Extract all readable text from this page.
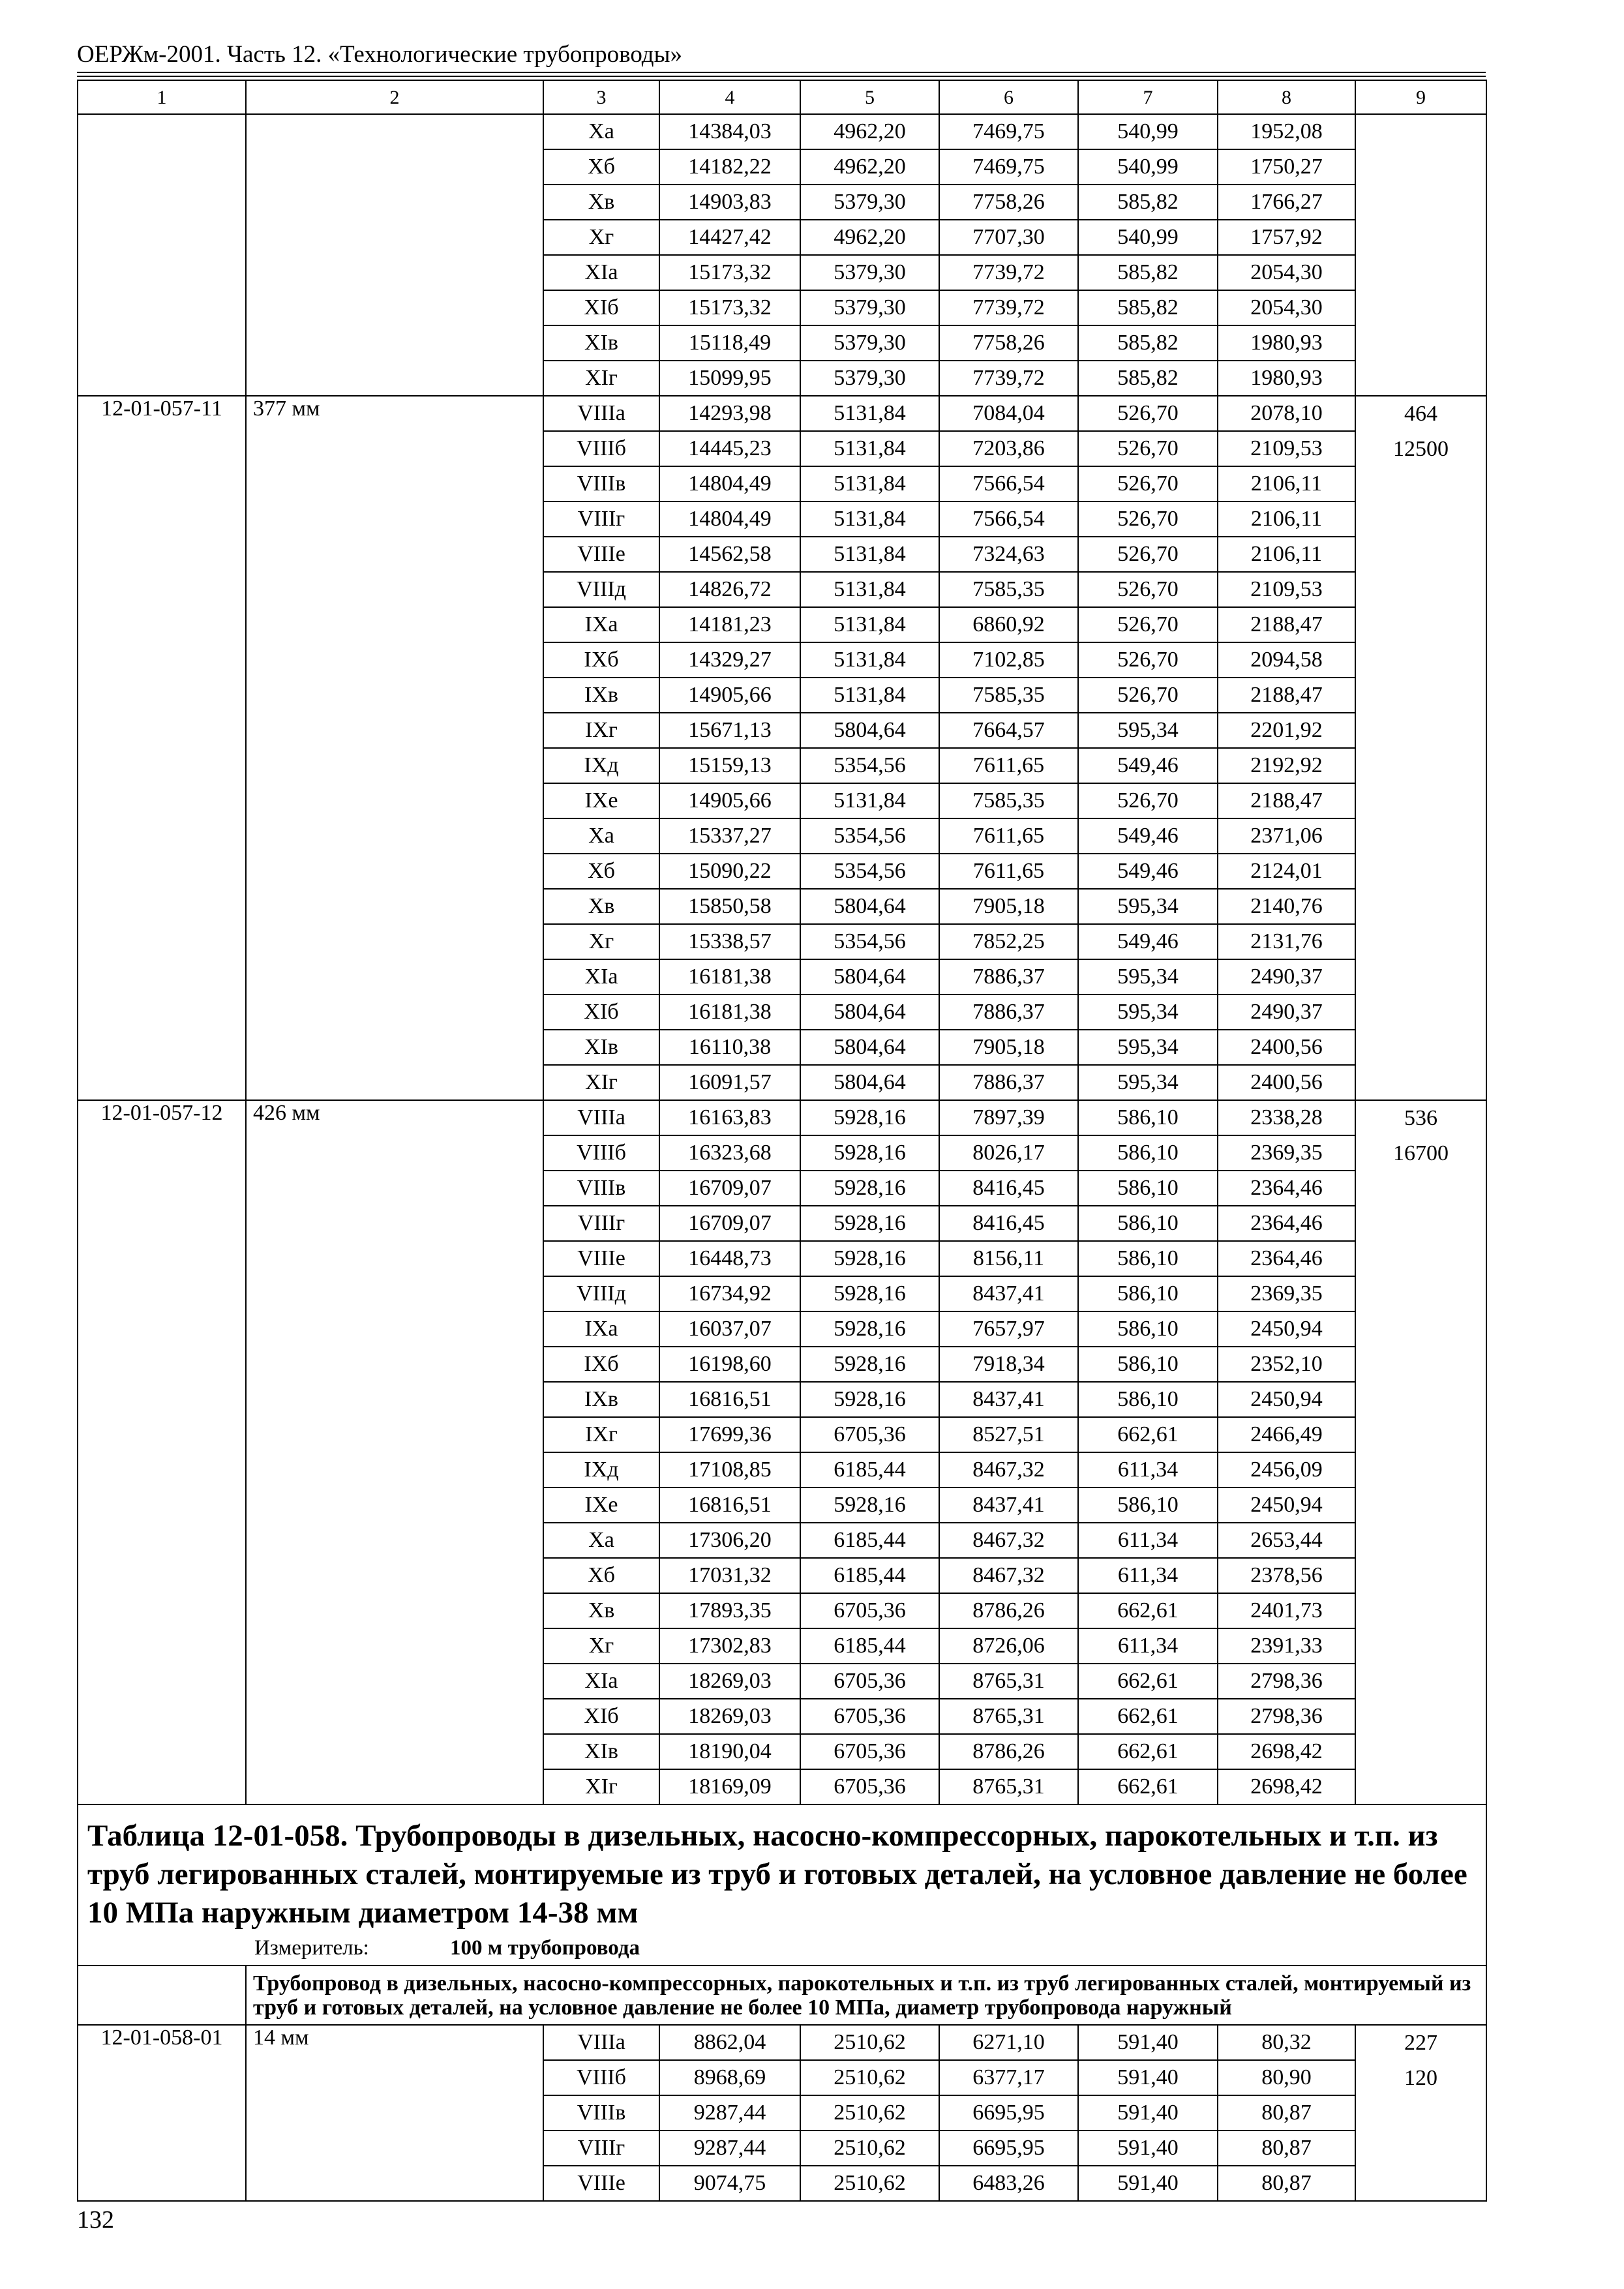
ОЕРЖм-2001. Часть 12. «Технологические трубопроводы»
1	2	3	4	5	6	7	8	9
		Xa	14384,03	4962,20	7469,75	540,99	1952,08	
		Xб	14182,22	4962,20	7469,75	540,99	1750,27	
		Xв	14903,83	5379,30	7758,26	585,82	1766,27	
		Xг	14427,42	4962,20	7707,30	540,99	1757,92	
		XIa	15173,32	5379,30	7739,72	585,82	2054,30	
		XIб	15173,32	5379,30	7739,72	585,82	2054,30	
		XIв	15118,49	5379,30	7758,26	585,82	1980,93	
		XIг	15099,95	5379,30	7739,72	585,82	1980,93	
12-01-057-11	377 мм	VIIIa	14293,98	5131,84	7084,04	526,70	2078,10	464
12500

		VIIIб	14445,23	5131,84	7203,86	526,70	2109,53	
		VIIIв	14804,49	5131,84	7566,54	526,70	2106,11	
		VIIIг	14804,49	5131,84	7566,54	526,70	2106,11	
		VIIIe	14562,58	5131,84	7324,63	526,70	2106,11	
		VIIIд	14826,72	5131,84	7585,35	526,70	2109,53	
		IXa	14181,23	5131,84	6860,92	526,70	2188,47	
		IXб	14329,27	5131,84	7102,85	526,70	2094,58	
		IXв	14905,66	5131,84	7585,35	526,70	2188,47	
		IXг	15671,13	5804,64	7664,57	595,34	2201,92	
		IXд	15159,13	5354,56	7611,65	549,46	2192,92	
		IXe	14905,66	5131,84	7585,35	526,70	2188,47	
		Xa	15337,27	5354,56	7611,65	549,46	2371,06	
		Xб	15090,22	5354,56	7611,65	549,46	2124,01	
		Xв	15850,58	5804,64	7905,18	595,34	2140,76	
		Xг	15338,57	5354,56	7852,25	549,46	2131,76	
		XIa	16181,38	5804,64	7886,37	595,34	2490,37	
		XIб	16181,38	5804,64	7886,37	595,34	2490,37	
		XIв	16110,38	5804,64	7905,18	595,34	2400,56	
		XIг	16091,57	5804,64	7886,37	595,34	2400,56	
12-01-057-12	426 мм	VIIIa	16163,83	5928,16	7897,39	586,10	2338,28	536
16700

		VIIIб	16323,68	5928,16	8026,17	586,10	2369,35	
		VIIIв	16709,07	5928,16	8416,45	586,10	2364,46	
		VIIIг	16709,07	5928,16	8416,45	586,10	2364,46	
		VIIIe	16448,73	5928,16	8156,11	586,10	2364,46	
		VIIIд	16734,92	5928,16	8437,41	586,10	2369,35	
		IXa	16037,07	5928,16	7657,97	586,10	2450,94	
		IXб	16198,60	5928,16	7918,34	586,10	2352,10	
		IXв	16816,51	5928,16	8437,41	586,10	2450,94	
		IXг	17699,36	6705,36	8527,51	662,61	2466,49	
		IXд	17108,85	6185,44	8467,32	611,34	2456,09	
		IXe	16816,51	5928,16	8437,41	586,10	2450,94	
		Xa	17306,20	6185,44	8467,32	611,34	2653,44	
		Xб	17031,32	6185,44	8467,32	611,34	2378,56	
		Xв	17893,35	6705,36	8786,26	662,61	2401,73	
		Xг	17302,83	6185,44	8726,06	611,34	2391,33	
		XIa	18269,03	6705,36	8765,31	662,61	2798,36	
		XIб	18269,03	6705,36	8765,31	662,61	2798,36	
		XIв	18190,04	6705,36	8786,26	662,61	2698,42	
		XIг	18169,09	6705,36	8765,31	662,61	2698,42	

Таблица 12-01-058. Трубопроводы в дизельных, насосно-компрессорных, парокотельных и т.п. из труб легированных сталей, монтируемые из труб и готовых деталей, на условное давление не более 10 МПа наружным диаметром 14-38 мм
Измеритель: 100 м трубопровода								

	Трубопровод в дизельных, насосно-компрессорных, парокотельных и т.п. из труб легированных сталей, монтируемый из труб и готовых деталей, на условное давление не более 10 МПа, диаметр трубопровода наружный							
12-01-058-01	14 мм	VIIIa	8862,04	2510,62	6271,10	591,40	80,32	227
120

		VIIIб	8968,69	2510,62	6377,17	591,40	80,90	
		VIIIв	9287,44	2510,62	6695,95	591,40	80,87	
		VIIIг	9287,44	2510,62	6695,95	591,40	80,87	
		VIIIe	9074,75	2510,62	6483,26	591,40	80,87	
132
